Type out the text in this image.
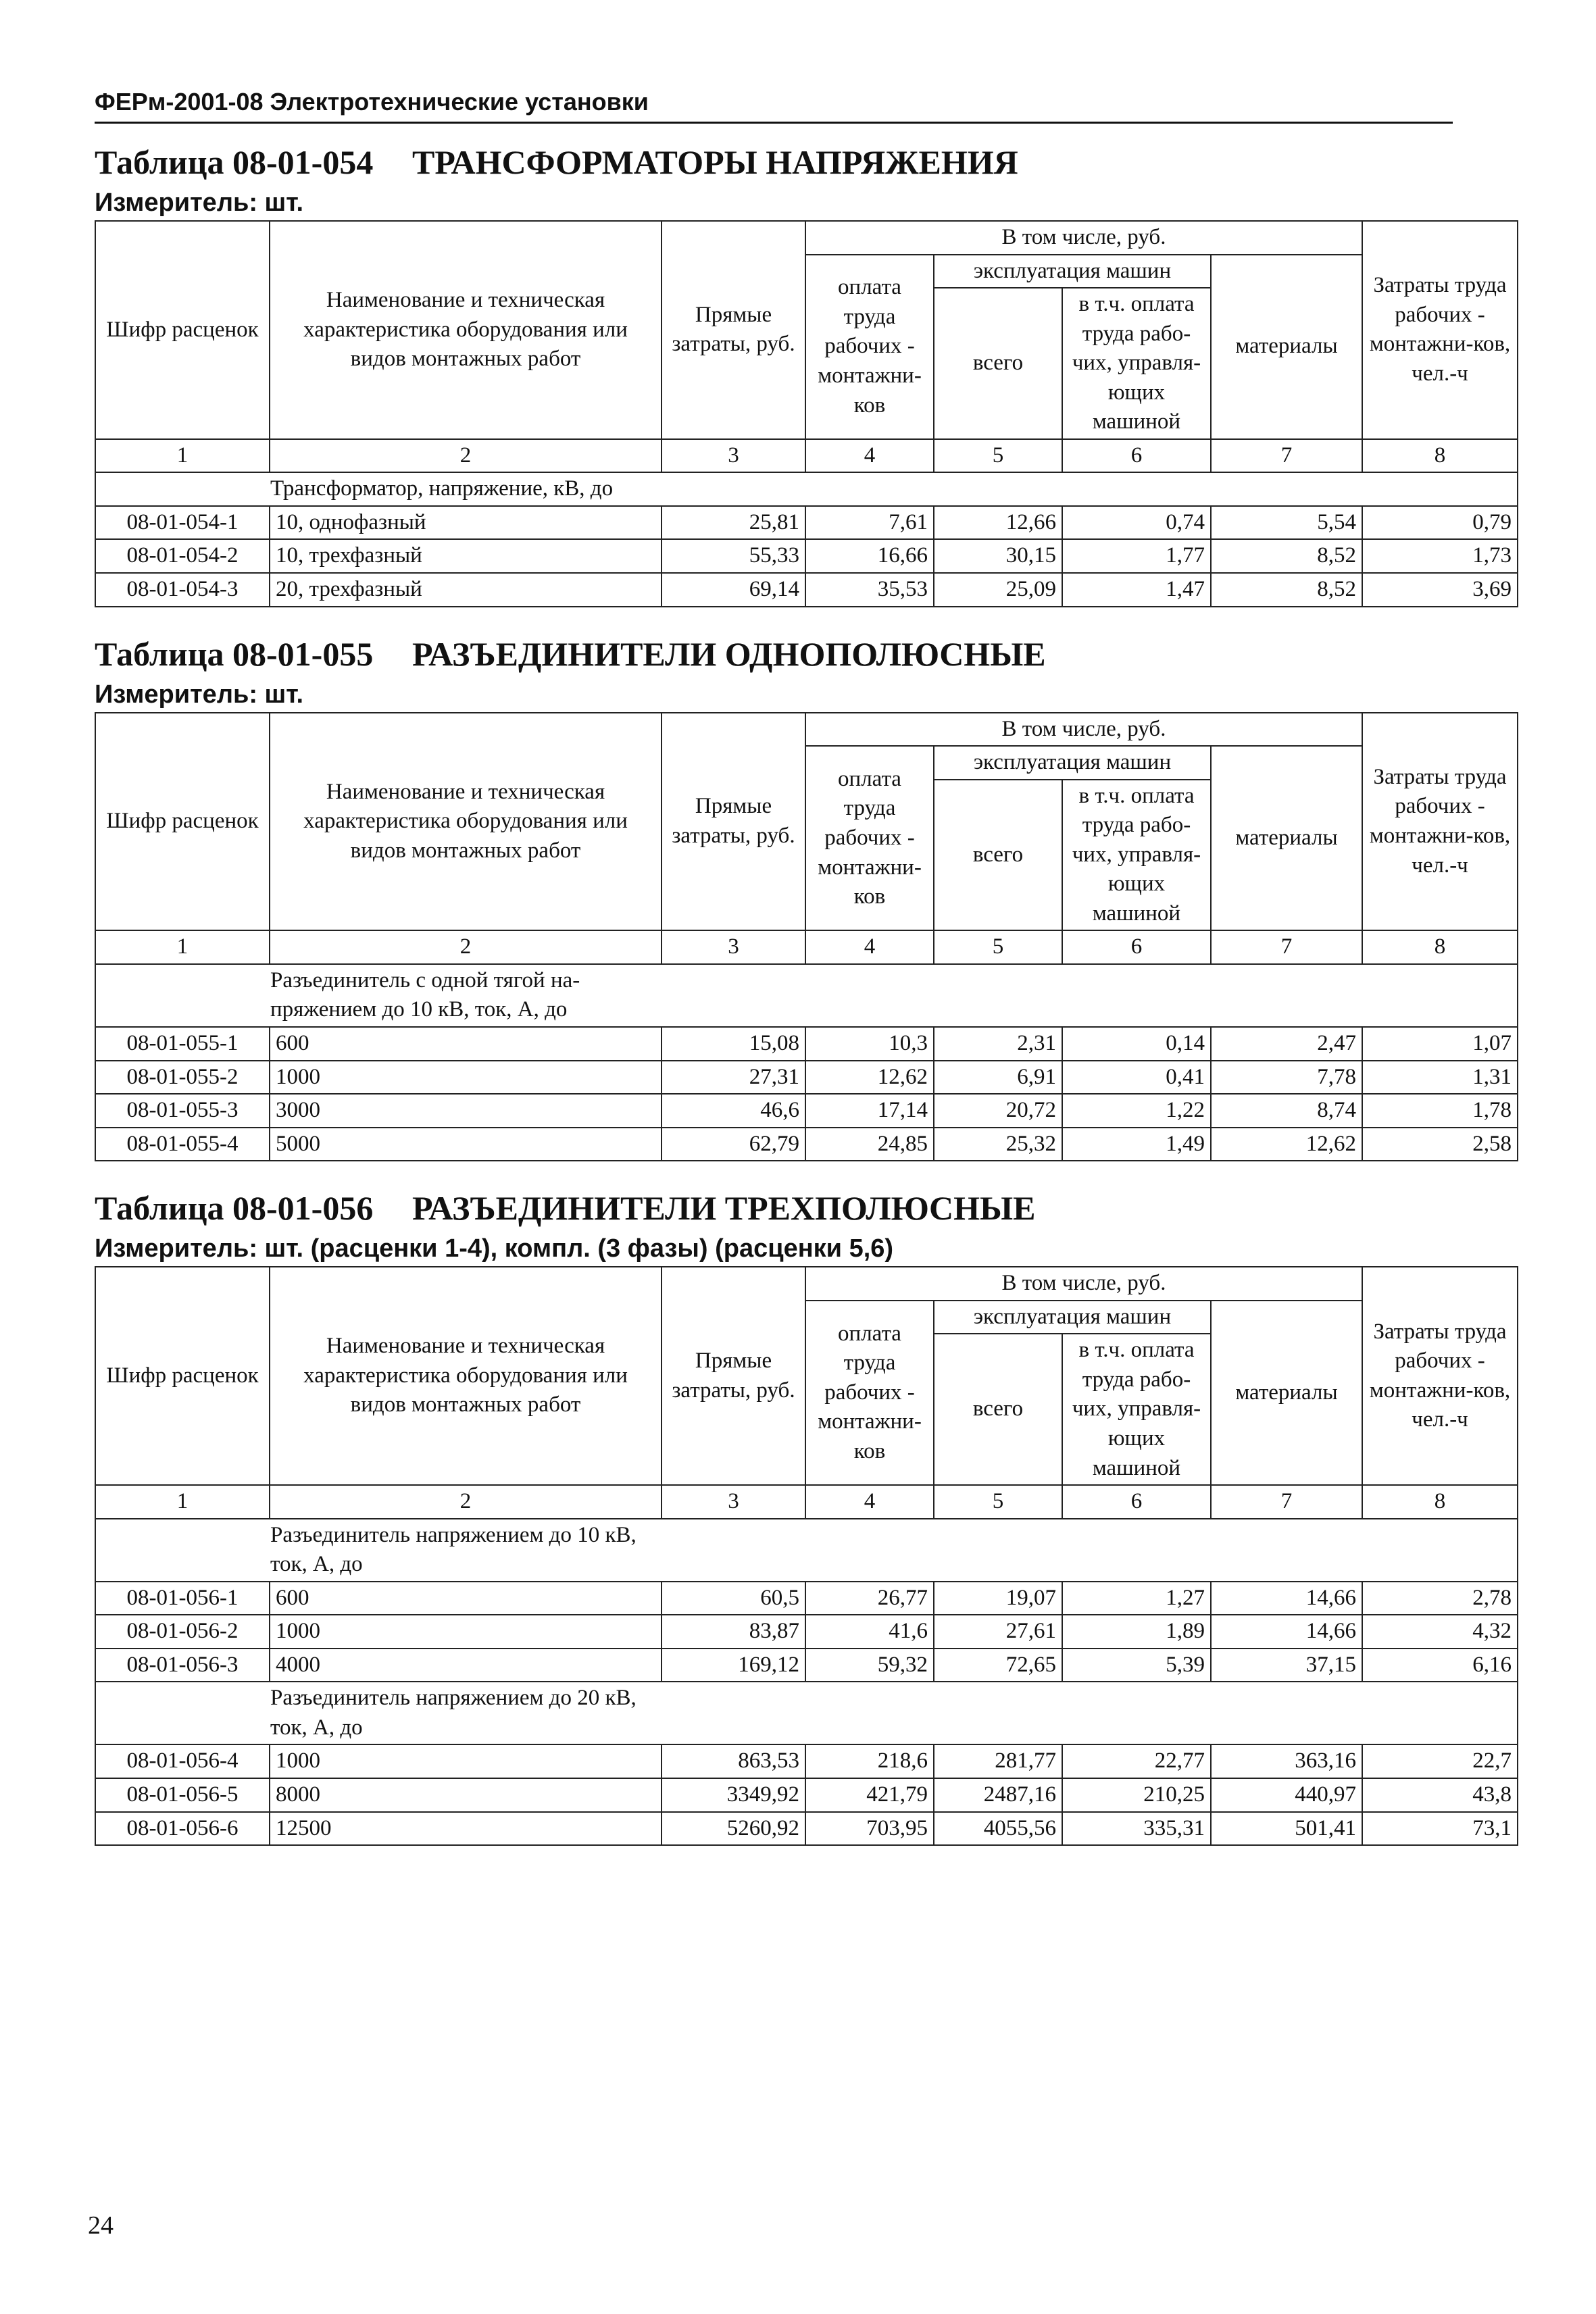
ФЕРм-2001-08 Электротехнические установки
Таблица 08-01-054	ТРАНСФОРМАТОРЫ НАПРЯЖЕНИЯ
Измеритель: шт.
Шифр расценок	Наименование и техническая характеристика оборудования или видов монтажных работ	Прямые затраты, руб.	В том числе, руб.				Затраты труда рабочих - монтажни-ков,
чел.-ч

			оплата труда рабочих - монтажни-ков	эксплуатация машин		материалы	
				всего	в т.ч. оплата труда рабо-чих, управля-ющих машиной		
1	2	3	4	5	6	7	8

Трансформатор, напряжение, кВ, до							

08-01-054-1	10, однофазный	25,81	7,61	12,66	0,74	5,54	0,79
08-01-054-2	10, трехфазный	55,33	16,66	30,15	1,77	8,52	1,73
08-01-054-3	20, трехфазный	69,14	35,53	25,09	1,47	8,52	3,69
Таблица 08-01-055	РАЗЪЕДИНИТЕЛИ ОДНОПОЛЮСНЫЕ
Измеритель: шт.
Шифр расценок	Наименование и техническая характеристика оборудования или видов монтажных работ	Прямые затраты, руб.	В том числе, руб.				Затраты труда рабочих - монтажни-ков,
чел.-ч

			оплата труда рабочих - монтажни-ков	эксплуатация машин		материалы	
				всего	в т.ч. оплата труда рабо-чих, управля-ющих машиной		
1	2	3	4	5	6	7	8

Разъединитель с одной тягой на-пряжением до 10 кВ, ток, А, до							

08-01-055-1	600	15,08	10,3	2,31	0,14	2,47	1,07
08-01-055-2	1000	27,31	12,62	6,91	0,41	7,78	1,31
08-01-055-3	3000	46,6	17,14	20,72	1,22	8,74	1,78
08-01-055-4	5000	62,79	24,85	25,32	1,49	12,62	2,58
Таблица 08-01-056	РАЗЪЕДИНИТЕЛИ ТРЕХПОЛЮСНЫЕ
Измеритель: шт. (расценки 1-4), компл. (3 фазы) (расценки 5,6)
Шифр расценок	Наименование и техническая характеристика оборудования или видов монтажных работ	Прямые затраты, руб.	В том числе, руб.				Затраты труда рабочих - монтажни-ков,
чел.-ч

			оплата труда рабочих - монтажни-ков	эксплуатация машин		материалы	
				всего	в т.ч. оплата труда рабо-чих, управля-ющих машиной		
1	2	3	4	5	6	7	8

Разъединитель напряжением до 10 кВ, ток, А, до							

08-01-056-1	600	60,5	26,77	19,07	1,27	14,66	2,78
08-01-056-2	1000	83,87	41,6	27,61	1,89	14,66	4,32
08-01-056-3	4000	169,12	59,32	72,65	5,39	37,15	6,16

Разъединитель напряжением до 20 кВ, ток, А, до							

08-01-056-4	1000	863,53	218,6	281,77	22,77	363,16	22,7
08-01-056-5	8000	3349,92	421,79	2487,16	210,25	440,97	43,8
08-01-056-6	12500	5260,92	703,95	4055,56	335,31	501,41	73,1
24
